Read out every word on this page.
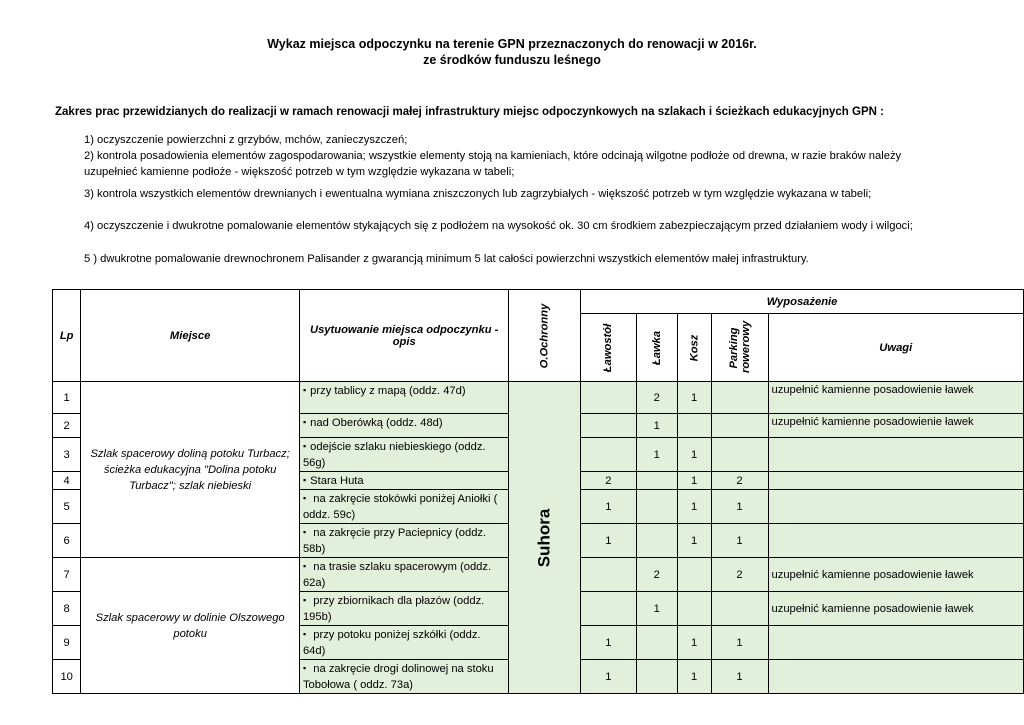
Wykaz miejsca odpoczynku na terenie GPN przeznaczonych do renowacji w 2016r.
ze środków funduszu leśnego
Zakres prac przewidzianych do realizacji w ramach renowacji małej infrastruktury miejsc odpoczynkowych na szlakach i ścieżkach edukacyjnych GPN :
1) oczyszczenie powierzchni z grzybów, mchów, zanieczyszczeń;
2) kontrola posadowienia elementów zagospodarowania; wszystkie elementy stoją na kamieniach, które odcinają wilgotne podłoże od drewna, w razie braków należy uzupełnieć kamienne podłoże - większość potrzeb w tym względzie wykazana w tabeli;
3) kontrola wszystkich elementów drewnianych i ewentualna wymiana zniszczonych lub zagrzybiałych - większość potrzeb w tym względzie wykazana w tabeli;
4) oczyszczenie i dwukrotne pomalowanie elementów stykających się z podłożem na wysokość ok. 30 cm środkiem zabezpieczającym przed działaniem wody i wilgoci;
5 ) dwukrotne pomalowanie drewnochronem Palisander z gwarancją minimum 5 lat całości powierzchni wszystkich elementów małej infrastruktury.
Lp	Miejsce	Usytuowanie miejsca odpoczynku - opis	O.Ochronny	Wyposażenie				

				Ławostół	Ławka	Kosz	Parking rowerowy	Uwagi
1	Szlak spacerowy doliną potoku Turbacz; ścieżka edukacyjna "Dolina potoku Turbacz"; szlak niebieski	▪ przy tablicy z mapą (oddz. 47d)	Suhora		2	1		uzupełnić kamienne posadowienie ławek
2		▪ nad Oberówką (oddz. 48d)			1			uzupełnić kamienne posadowienie ławek
3		▪ odejście szlaku niebieskiego (oddz. 56g)			1	1		
4		▪ Stara Huta		2		1	2	
5		▪ na zakręcie stokówki poniżej Aniołki ( oddz. 59c)		1		1	1	
6		▪ na zakręcie przy Paciepnicy (oddz. 58b)		1		1	1	
7	Szlak spacerowy w dolinie Olszowego potoku	▪ na trasie szlaku spacerowym (oddz. 62a)			2		2	uzupełnić kamienne posadowienie ławek
8		▪ przy zbiornikach dla płazów (oddz. 195b)			1			uzupełnić kamienne posadowienie ławek
9		▪ przy potoku poniżej szkółki (oddz. 64d)		1		1	1	
10		▪ na zakręcie drogi dolinowej na stoku Tobołowa ( oddz. 73a)		1		1	1	
